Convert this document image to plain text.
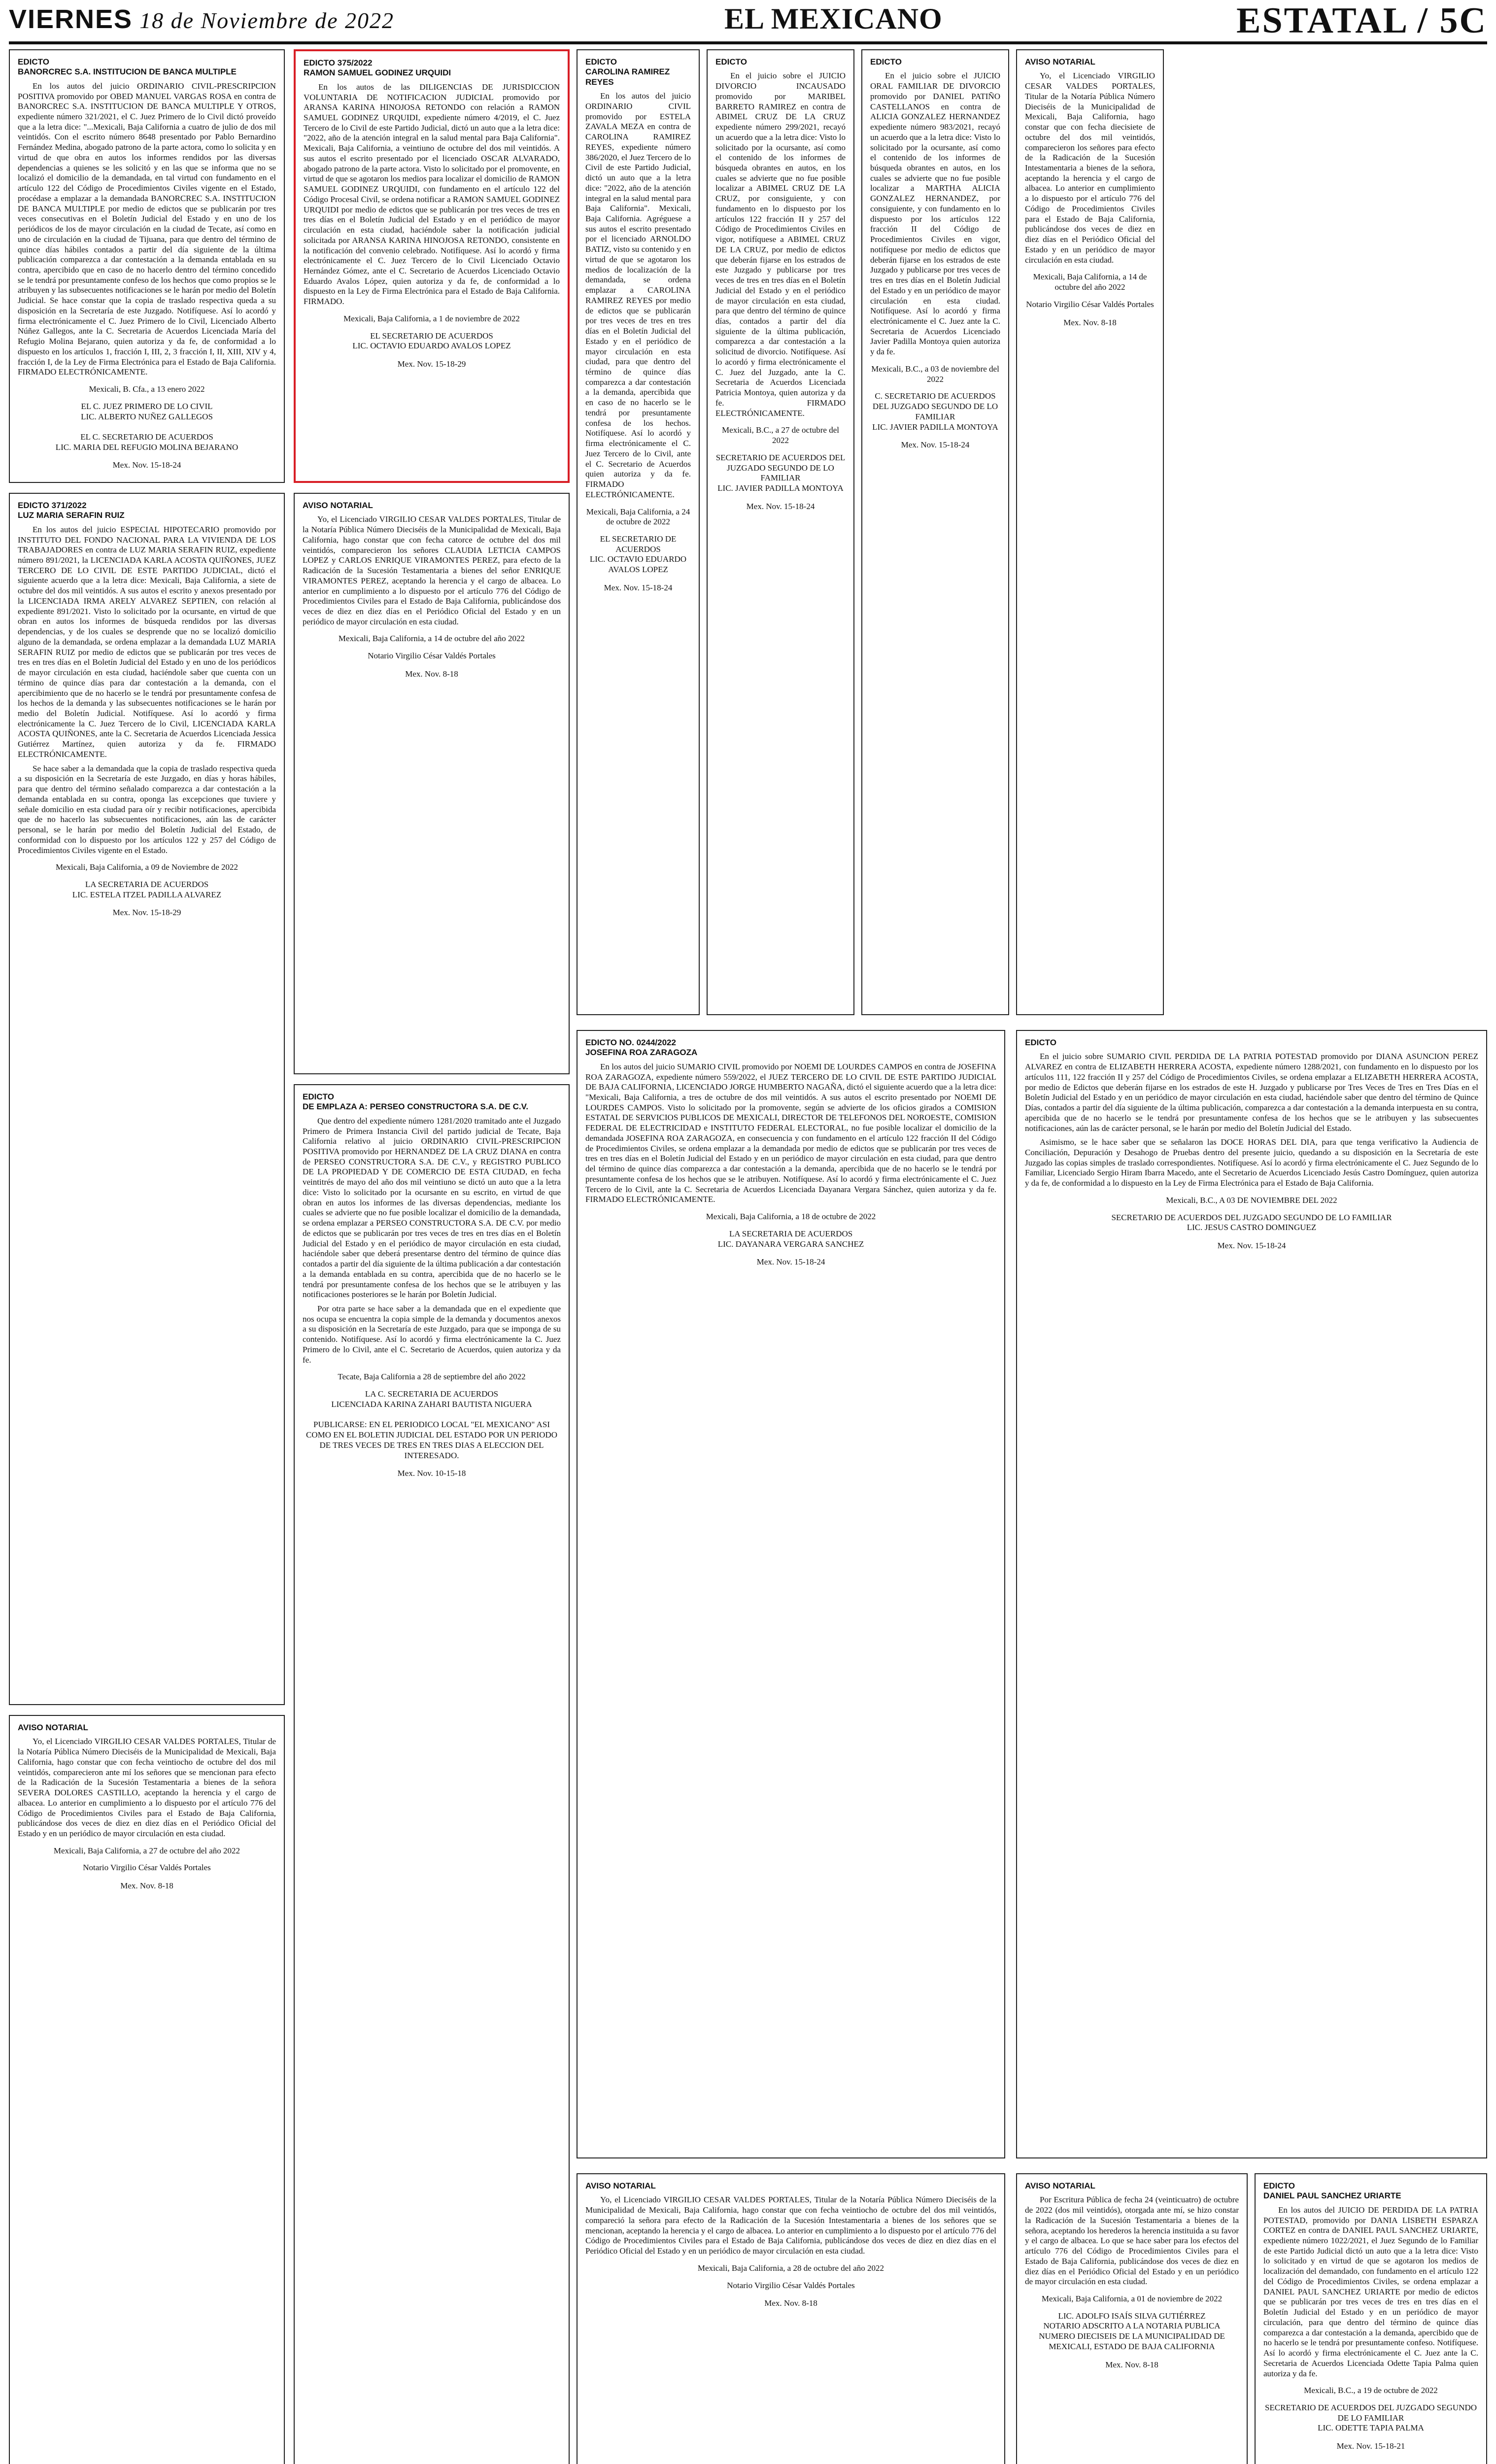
VIERNES 18 de Noviembre de 2022	EL MEXICANO	ESTATAL / 5C
EDICTO
BANORCREC S.A. INSTITUCION DE BANCA MULTIPLE

En los autos del juicio ORDINARIO CIVIL-PRESCRIPCION POSITIVA promovido por OBED MANUEL VARGAS ROSA en contra de BANORCREC S.A. INSTITUCION DE BANCA MULTIPLE Y OTROS, expediente número 321/2021, el C. Juez Primero de lo Civil dictó proveído que a la letra dice: "...Mexicali, Baja California a cuatro de julio de dos mil veintidós. Con el escrito número 8648 presentado por Pablo Bernardino Fernández Medina, abogado patrono de la parte actora, como lo solicita y en virtud de que obra en autos los informes rendidos por las diversas dependencias a quienes se les solicitó y en las que se informa que no se localizó el domicilio de la demandada, en tal virtud con fundamento en el artículo 122 del Código de Procedimientos Civiles vigente en el Estado, procédase a emplazar a la demandada BANORCREC S.A. INSTITUCION DE BANCA MULTIPLE por medio de edictos que se publicarán por tres veces consecutivas en el Boletín Judicial del Estado y en uno de los periódicos de los de mayor circulación en la ciudad de Tecate, así como en uno de circulación en la ciudad de Tijuana, para que dentro del término de quince días hábiles contados a partir del día siguiente de la última publicación comparezca a dar contestación a la demanda entablada en su contra, apercibido que en caso de no hacerlo dentro del término concedido se le tendrá por presuntamente confeso de los hechos que como propios se le atribuyen y las subsecuentes notificaciones se le harán por medio del Boletín Judicial. Se hace constar que la copia de traslado respectiva queda a su disposición en la Secretaría de este Juzgado. Notifíquese. Así lo acordó y firma electrónicamente el C. Juez Primero de lo Civil, Licenciado Alberto Núñez Gallegos, ante la C. Secretaria de Acuerdos Licenciada María del Refugio Molina Bejarano, quien autoriza y da fe, de conformidad a lo dispuesto en los artículos 1, fracción I, III, 2, 3 fracción I, II, XIII, XIV y 4, fracción I, de la Ley de Firma Electrónica para el Estado de Baja California. FIRMADO ELECTRÓNICAMENTE.

Mexicali, B. Cfa., a 13 enero 2022
EL C. JUEZ PRIMERO DE LO CIVIL
LIC. ALBERTO NUÑEZ GALLEGOS

EL C. SECRETARIO DE ACUERDOS
LIC. MARIA DEL REFUGIO MOLINA BEJARANO
Mex. Nov. 15-18-24
EDICTO 375/2022
RAMON SAMUEL GODINEZ URQUIDI

En los autos de las DILIGENCIAS DE JURISDICCION VOLUNTARIA DE NOTIFICACION JUDICIAL promovido por ARANSA KARINA HINOJOSA RETONDO con relación a RAMON SAMUEL GODINEZ URQUIDI, expediente número 4/2019, el C. Juez Tercero de lo Civil de este Partido Judicial, dictó un auto que a la letra dice: "2022, año de la atención integral en la salud mental para Baja California". Mexicali, Baja California, a veintiuno de octubre del dos mil veintidós. A sus autos el escrito presentado por el licenciado OSCAR ALVARADO, abogado patrono de la parte actora. Visto lo solicitado por el promovente, en virtud de que se agotaron los medios para localizar el domicilio de RAMON SAMUEL GODINEZ URQUIDI, con fundamento en el artículo 122 del Código Procesal Civil, se ordena notificar a RAMON SAMUEL GODINEZ URQUIDI por medio de edictos que se publicarán por tres veces de tres en tres días en el Boletín Judicial del Estado y en el periódico de mayor circulación en esta ciudad, haciéndole saber la notificación judicial solicitada por ARANSA KARINA HINOJOSA RETONDO, consistente en la notificación del convenio celebrado. Notifíquese. Así lo acordó y firma electrónicamente el C. Juez Tercero de lo Civil Licenciado Octavio Hernández Gómez, ante el C. Secretario de Acuerdos Licenciado Octavio Eduardo Avalos López, quien autoriza y da fe, de conformidad a lo dispuesto en la Ley de Firma Electrónica para el Estado de Baja California. FIRMADO.

Mexicali, Baja California, a 1 de noviembre de 2022
EL SECRETARIO DE ACUERDOS
LIC. OCTAVIO EDUARDO AVALOS LOPEZ
Mex. Nov. 15-18-29
EDICTO
CAROLINA RAMIREZ REYES

En los autos del juicio ORDINARIO CIVIL promovido por ESTELA ZAVALA MEZA en contra de CAROLINA RAMIREZ REYES, expediente número 386/2020, el Juez Tercero de lo Civil de este Partido Judicial, dictó un auto que a la letra dice: "2022, año de la atención integral en la salud mental para Baja California". Mexicali, Baja California. Agréguese a sus autos el escrito presentado por el licenciado ARNOLDO BATIZ, visto su contenido y en virtud de que se agotaron los medios de localización de la demandada, se ordena emplazar a CAROLINA RAMIREZ REYES por medio de edictos que se publicarán por tres veces de tres en tres días en el Boletín Judicial del Estado y en el periódico de mayor circulación en esta ciudad, para que dentro del término de quince días comparezca a dar contestación a la demanda, apercibida que en caso de no hacerlo se le tendrá por presuntamente confesa de los hechos. Notifíquese. Así lo acordó y firma electrónicamente el C. Juez Tercero de lo Civil, ante el C. Secretario de Acuerdos quien autoriza y da fe. FIRMADO ELECTRÓNICAMENTE.

Mexicali, Baja California, a 24 de octubre de 2022
EL SECRETARIO DE ACUERDOS
LIC. OCTAVIO EDUARDO AVALOS LOPEZ
Mex. Nov. 15-18-24
EDICTO

En el juicio sobre el JUICIO DIVORCIO INCAUSADO promovido por MARIBEL BARRETO RAMIREZ en contra de ABIMEL CRUZ DE LA CRUZ expediente número 299/2021, recayó un acuerdo que a la letra dice: Visto lo solicitado por la ocursante, así como el contenido de los informes de búsqueda obrantes en autos, en los cuales se advierte que no fue posible localizar a ABIMEL CRUZ DE LA CRUZ, por consiguiente, y con fundamento en lo dispuesto por los artículos 122 fracción II y 257 del Código de Procedimientos Civiles en vigor, notifíquese a ABIMEL CRUZ DE LA CRUZ, por medio de edictos que deberán fijarse en los estrados de este Juzgado y publicarse por tres veces de tres en tres días en el Boletín Judicial del Estado y en el periódico de mayor circulación en esta ciudad, para que dentro del término de quince días, contados a partir del día siguiente de la última publicación, comparezca a dar contestación a la solicitud de divorcio. Notifíquese. Así lo acordó y firma electrónicamente el C. Juez del Juzgado, ante la C. Secretaria de Acuerdos Licenciada Patricia Montoya, quien autoriza y da fe. FIRMADO ELECTRÓNICAMENTE.

Mexicali, B.C., a 27 de octubre del 2022
SECRETARIO DE ACUERDOS DEL JUZGADO SEGUNDO DE LO FAMILIAR
LIC. JAVIER PADILLA MONTOYA
Mex. Nov. 15-18-24
EDICTO

En el juicio sobre el JUICIO ORAL FAMILIAR DE DIVORCIO promovido por DANIEL PATIÑO CASTELLANOS en contra de ALICIA GONZALEZ HERNANDEZ expediente número 983/2021, recayó un acuerdo que a la letra dice: Visto lo solicitado por la ocursante, así como el contenido de los informes de búsqueda obrantes en autos, en los cuales se advierte que no fue posible localizar a MARTHA ALICIA GONZALEZ HERNANDEZ, por consiguiente, y con fundamento en lo dispuesto por los artículos 122 fracción II del Código de Procedimientos Civiles en vigor, notifíquese por medio de edictos que deberán fijarse en los estrados de este Juzgado y publicarse por tres veces de tres en tres días en el Boletín Judicial del Estado y en un periódico de mayor circulación en esta ciudad. Notifíquese. Así lo acordó y firma electrónicamente el C. Juez ante la C. Secretaria de Acuerdos Licenciado Javier Padilla Montoya quien autoriza y da fe.

Mexicali, B.C., a 03 de noviembre del 2022
C. SECRETARIO DE ACUERDOS DEL JUZGADO SEGUNDO DE LO FAMILIAR
LIC. JAVIER PADILLA MONTOYA
Mex. Nov. 15-18-24
AVISO NOTARIAL

Yo, el Licenciado VIRGILIO CESAR VALDES PORTALES, Titular de la Notaría Pública Número Dieciséis de la Municipalidad de Mexicali, Baja California, hago constar que con fecha catorce de octubre del dos mil veintidós, comparecieron los señores CLAUDIA LETICIA CAMPOS LOPEZ y CARLOS ENRIQUE VIRAMONTES PEREZ, para efecto de la Radicación de la Sucesión Testamentaria a bienes del señor ENRIQUE VIRAMONTES PEREZ, aceptando la herencia y el cargo de albacea. Lo anterior en cumplimiento a lo dispuesto por el artículo 776 del Código de Procedimientos Civiles para el Estado de Baja California, publicándose dos veces de diez en diez días en el Periódico Oficial del Estado y en un periódico de mayor circulación en esta ciudad.

Mexicali, Baja California, a 14 de octubre del año 2022
Notario Virgilio César Valdés Portales
Mex. Nov. 8-18
EDICTO 371/2022
LUZ MARIA SERAFIN RUIZ

En los autos del juicio ESPECIAL HIPOTECARIO promovido por INSTITUTO DEL FONDO NACIONAL PARA LA VIVIENDA DE LOS TRABAJADORES en contra de LUZ MARIA SERAFIN RUIZ, expediente número 891/2021, la LICENCIADA KARLA ACOSTA QUIÑONES, JUEZ TERCERO DE LO CIVIL DE ESTE PARTIDO JUDICIAL, dictó el siguiente acuerdo que a la letra dice: Mexicali, Baja California, a siete de octubre del dos mil veintidós. A sus autos el escrito y anexos presentado por la LICENCIADA IRMA ARELY ALVAREZ SEPTIEN, con relación al expediente 891/2021. Visto lo solicitado por la ocursante, en virtud de que obran en autos los informes de búsqueda rendidos por las diversas dependencias, y de los cuales se desprende que no se localizó domicilio alguno de la demandada, se ordena emplazar a la demandada LUZ MARIA SERAFIN RUIZ por medio de edictos que se publicarán por tres veces de tres en tres días en el Boletín Judicial del Estado y en uno de los periódicos de mayor circulación en esta ciudad, haciéndole saber que cuenta con un término de quince días para dar contestación a la demanda, con el apercibimiento que de no hacerlo se le tendrá por presuntamente confesa de los hechos de la demanda y las subsecuentes notificaciones se le harán por medio del Boletín Judicial. Notifíquese. Así lo acordó y firma electrónicamente la C. Juez Tercero de lo Civil, LICENCIADA KARLA ACOSTA QUIÑONES, ante la C. Secretaria de Acuerdos Licenciada Jessica Gutiérrez Martínez, quien autoriza y da fe. FIRMADO ELECTRÓNICAMENTE.

Se hace saber a la demandada que la copia de traslado respectiva queda a su disposición en la Secretaría de este Juzgado, en días y horas hábiles, para que dentro del término señalado comparezca a dar contestación a la demanda entablada en su contra, oponga las excepciones que tuviere y señale domicilio en esta ciudad para oír y recibir notificaciones, apercibida que de no hacerlo las subsecuentes notificaciones, aún las de carácter personal, se le harán por medio del Boletín Judicial del Estado, de conformidad con lo dispuesto por los artículos 122 y 257 del Código de Procedimientos Civiles vigente en el Estado.

Mexicali, Baja California, a 09 de Noviembre de 2022
LA SECRETARIA DE ACUERDOS
LIC. ESTELA ITZEL PADILLA ALVAREZ
Mex. Nov. 15-18-29
EDICTO
DE EMPLAZA A: PERSEO CONSTRUCTORA S.A. DE C.V.

Que dentro del expediente número 1281/2020 tramitado ante el Juzgado Primero de Primera Instancia Civil del partido judicial de Tecate, Baja California relativo al juicio ORDINARIO CIVIL-PRESCRIPCION POSITIVA promovido por HERNANDEZ DE LA CRUZ DIANA en contra de PERSEO CONSTRUCTORA S.A. DE C.V., y REGISTRO PUBLICO DE LA PROPIEDAD Y DE COMERCIO DE ESTA CIUDAD, en fecha veintitrés de mayo del año dos mil veintiuno se dictó un auto que a la letra dice: Visto lo solicitado por la ocursante en su escrito, en virtud de que obran en autos los informes de las diversas dependencias, mediante los cuales se advierte que no fue posible localizar el domicilio de la demandada, se ordena emplazar a PERSEO CONSTRUCTORA S.A. DE C.V. por medio de edictos que se publicarán por tres veces de tres en tres días en el Boletín Judicial del Estado y en el periódico de mayor circulación en esta ciudad, haciéndole saber que deberá presentarse dentro del término de quince días contados a partir del día siguiente de la última publicación a dar contestación a la demanda entablada en su contra, apercibida que de no hacerlo se le tendrá por presuntamente confesa de los hechos que se le atribuyen y las notificaciones posteriores se le harán por Boletín Judicial.

Por otra parte se hace saber a la demandada que en el expediente que nos ocupa se encuentra la copia simple de la demanda y documentos anexos a su disposición en la Secretaría de este Juzgado, para que se imponga de su contenido. Notifíquese. Así lo acordó y firma electrónicamente la C. Juez Primero de lo Civil, ante el C. Secretario de Acuerdos, quien autoriza y da fe.

Tecate, Baja California a 28 de septiembre del año 2022
LA C. SECRETARIA DE ACUERDOS
LICENCIADA KARINA ZAHARI BAUTISTA NIGUERA

PUBLICARSE: EN EL PERIODICO LOCAL "EL MEXICANO" ASI COMO EN EL BOLETIN JUDICIAL DEL ESTADO POR UN PERIODO DE TRES VECES DE TRES EN TRES DIAS A ELECCION DEL INTERESADO.
Mex. Nov. 10-15-18
EDICTO NO. 0244/2022
JOSEFINA ROA ZARAGOZA

En los autos del juicio SUMARIO CIVIL promovido por NOEMI DE LOURDES CAMPOS en contra de JOSEFINA ROA ZARAGOZA, expediente número 559/2022, el JUEZ TERCERO DE LO CIVIL DE ESTE PARTIDO JUDICIAL DE BAJA CALIFORNIA, LICENCIADO JORGE HUMBERTO NAGAÑA, dictó el siguiente acuerdo que a la letra dice: "Mexicali, Baja California, a tres de octubre de dos mil veintidós. A sus autos el escrito presentado por NOEMI DE LOURDES CAMPOS. Visto lo solicitado por la promovente, según se advierte de los oficios girados a COMISION ESTATAL DE SERVICIOS PUBLICOS DE MEXICALI, DIRECTOR DE TELEFONOS DEL NOROESTE, COMISION FEDERAL DE ELECTRICIDAD e INSTITUTO FEDERAL ELECTORAL, no fue posible localizar el domicilio de la demandada JOSEFINA ROA ZARAGOZA, en consecuencia y con fundamento en el artículo 122 fracción II del Código de Procedimientos Civiles, se ordena emplazar a la demandada por medio de edictos que se publicarán por tres veces de tres en tres días en el Boletín Judicial del Estado y en un periódico de mayor circulación en esta ciudad, para que dentro del término de quince días comparezca a dar contestación a la demanda, apercibida que de no hacerlo se le tendrá por presuntamente confesa de los hechos que se le atribuyen. Notifíquese. Así lo acordó y firma electrónicamente el C. Juez Tercero de lo Civil, ante la C. Secretaria de Acuerdos Licenciada Dayanara Vergara Sánchez, quien autoriza y da fe. FIRMADO ELECTRÓNICAMENTE.

Mexicali, Baja California, a 18 de octubre de 2022
LA SECRETARIA DE ACUERDOS
LIC. DAYANARA VERGARA SANCHEZ
Mex. Nov. 15-18-24
EDICTO

En el juicio sobre SUMARIO CIVIL PERDIDA DE LA PATRIA POTESTAD promovido por DIANA ASUNCION PEREZ ALVAREZ en contra de ELIZABETH HERRERA ACOSTA, expediente número 1288/2021, con fundamento en lo dispuesto por los artículos 111, 122 fracción II y 257 del Código de Procedimientos Civiles, se ordena emplazar a ELIZABETH HERRERA ACOSTA, por medio de Edictos que deberán fijarse en los estrados de este H. Juzgado y publicarse por Tres Veces de Tres en Tres Días en el Boletín Judicial del Estado y en un periódico de mayor circulación en esta ciudad, haciéndole saber que dentro del término de Quince Días, contados a partir del día siguiente de la última publicación, comparezca a dar contestación a la demanda interpuesta en su contra, apercibida que de no hacerlo se le tendrá por presuntamente confesa de los hechos que se le atribuyen y las subsecuentes notificaciones, aún las de carácter personal, se le harán por medio del Boletín Judicial del Estado.

Asimismo, se le hace saber que se señalaron las DOCE HORAS DEL DIA, para que tenga verificativo la Audiencia de Conciliación, Depuración y Desahogo de Pruebas dentro del presente juicio, quedando a su disposición en la Secretaría de este Juzgado las copias simples de traslado correspondientes. Notifíquese. Así lo acordó y firma electrónicamente el C. Juez Segundo de lo Familiar, Licenciado Sergio Hiram Ibarra Macedo, ante el Secretario de Acuerdos Licenciado Jesús Castro Domínguez, quien autoriza y da fe, de conformidad a lo dispuesto en la Ley de Firma Electrónica para el Estado de Baja California.

Mexicali, B.C., A 03 DE NOVIEMBRE DEL 2022
SECRETARIO DE ACUERDOS DEL JUZGADO SEGUNDO DE LO FAMILIAR
LIC. JESUS CASTRO DOMINGUEZ
Mex. Nov. 15-18-24
AVISO NOTARIAL

Yo, el Licenciado VIRGILIO CESAR VALDES PORTALES, Titular de la Notaría Pública Número Dieciséis de la Municipalidad de Mexicali, Baja California, hago constar que con fecha veintiocho de octubre del dos mil veintidós, comparecieron ante mí los señores que se mencionan para efecto de la Radicación de la Sucesión Testamentaria a bienes de la señora SEVERA DOLORES CASTILLO, aceptando la herencia y el cargo de albacea. Lo anterior en cumplimiento a lo dispuesto por el artículo 776 del Código de Procedimientos Civiles para el Estado de Baja California, publicándose dos veces de diez en diez días en el Periódico Oficial del Estado y en un periódico de mayor circulación en esta ciudad.

Mexicali, Baja California, a 27 de octubre del año 2022
Notario Virgilio César Valdés Portales
Mex. Nov. 8-18
AVISO NOTARIAL

Yo, el Licenciado VIRGILIO CESAR VALDES PORTALES, Titular de la Notaría Pública Número Dieciséis de la Municipalidad de Mexicali, Baja California, hago constar que con fecha veintiocho de octubre del dos mil veintidós, compareció la señora para efecto de la Radicación de la Sucesión Intestamentaria a bienes de los señores que se mencionan, aceptando la herencia y el cargo de albacea. Lo anterior en cumplimiento a lo dispuesto por el artículo 776 del Código de Procedimientos Civiles para el Estado de Baja California, publicándose dos veces de diez en diez días en el Periódico Oficial del Estado y en un periódico de mayor circulación en esta ciudad.

Mexicali, Baja California, a 28 de octubre del año 2022
Notario Virgilio César Valdés Portales
Mex. Nov. 8-18
AVISO NOTARIAL

Por Escritura Pública de fecha 24 (veinticuatro) de octubre de 2022 (dos mil veintidós), otorgada ante mí, se hizo constar la Radicación de la Sucesión Testamentaria a bienes de la señora, aceptando los herederos la herencia instituida a su favor y el cargo de albacea. Lo que se hace saber para los efectos del artículo 776 del Código de Procedimientos Civiles para el Estado de Baja California, publicándose dos veces de diez en diez días en el Periódico Oficial del Estado y en un periódico de mayor circulación en esta ciudad.

Mexicali, Baja California, a 01 de noviembre de 2022
LIC. ADOLFO ISAÍS SILVA GUTIÉRREZ
NOTARIO ADSCRITO A LA NOTARIA PUBLICA NUMERO DIECISEIS DE LA MUNICIPALIDAD DE MEXICALI, ESTADO DE BAJA CALIFORNIA
Mex. Nov. 8-18
EDICTO
DANIEL PAUL SANCHEZ URIARTE

En los autos del JUICIO DE PERDIDA DE LA PATRIA POTESTAD, promovido por DANIA LISBETH ESPARZA CORTEZ en contra de DANIEL PAUL SANCHEZ URIARTE, expediente número 1022/2021, el Juez Segundo de lo Familiar de este Partido Judicial dictó un auto que a la letra dice: Visto lo solicitado y en virtud de que se agotaron los medios de localización del demandado, con fundamento en el artículo 122 del Código de Procedimientos Civiles, se ordena emplazar a DANIEL PAUL SANCHEZ URIARTE por medio de edictos que se publicarán por tres veces de tres en tres días en el Boletín Judicial del Estado y en un periódico de mayor circulación, para que dentro del término de quince días comparezca a dar contestación a la demanda, apercibido que de no hacerlo se le tendrá por presuntamente confeso. Notifíquese. Así lo acordó y firma electrónicamente el C. Juez ante la C. Secretaria de Acuerdos Licenciada Odette Tapia Palma quien autoriza y da fe.

Mexicali, B.C., a 19 de octubre de 2022
SECRETARIO DE ACUERDOS DEL JUZGADO SEGUNDO DE LO FAMILIAR
LIC. ODETTE TAPIA PALMA
Mex. Nov. 15-18-21
AVISO NOTARIAL

Yo, el Licenciado VIRGILIO CESAR VALDES PORTALES, Titular de la Notaría Pública Número Dieciséis de la Municipalidad de Mexicali, Baja California, hago constar que con fecha diecisiete de octubre del dos mil veintidós, comparecieron los señores para efecto de la Radicación de la Sucesión Intestamentaria a bienes de la señora, aceptando la herencia y el cargo de albacea. Lo anterior en cumplimiento a lo dispuesto por el artículo 776 del Código de Procedimientos Civiles para el Estado de Baja California, publicándose dos veces de diez en diez días en el Periódico Oficial del Estado y en un periódico de mayor circulación en esta ciudad.

Mexicali, Baja California, a 14 de octubre del año 2022
Notario Virgilio César Valdés Portales
Mex. Nov. 8-18
